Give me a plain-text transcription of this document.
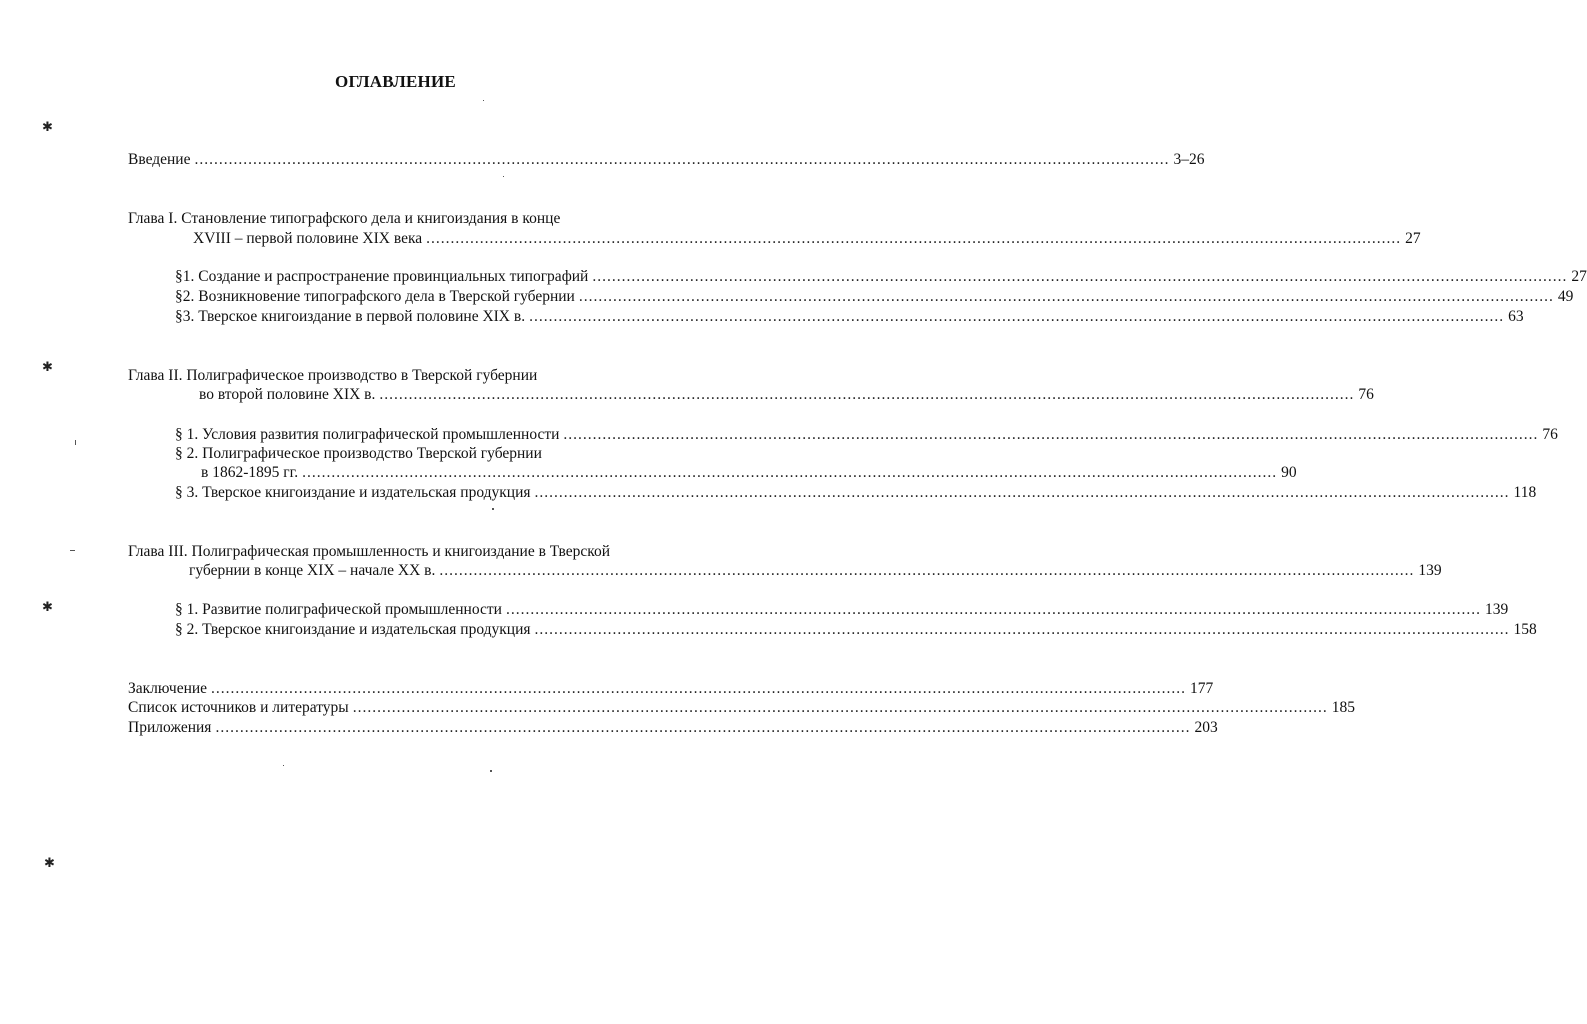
ОГЛАВЛЕНИЕ
Введение ........................................................................................................................................................................................................ 3–26
Глава I. Становление типографского дела и книгоиздания в конце
XVIII – первой половине XIX века ........................................................................................................................................................................................................ 27
§1. Создание и распространение провинциальных типографий ........................................................................................................................................................................................................ 27
§2. Возникновение типографского дела в Тверской губернии ........................................................................................................................................................................................................ 49
§3. Тверское книгоиздание в первой половине XIX в. ........................................................................................................................................................................................................ 63
Глава II. Полиграфическое производство в Тверской губернии
во второй половине XIX в. ........................................................................................................................................................................................................ 76
§ 1. Условия развития полиграфической промышленности ........................................................................................................................................................................................................ 76
§ 2. Полиграфическое производство Тверской губернии
в 1862-1895 гг. ........................................................................................................................................................................................................ 90
§ 3. Тверское книгоиздание и издательская продукция ........................................................................................................................................................................................................ 118
Глава III. Полиграфическая промышленность и книгоиздание в Тверской
губернии в конце XIX – начале XX в. ........................................................................................................................................................................................................ 139
§ 1. Развитие полиграфической промышленности ........................................................................................................................................................................................................ 139
§ 2. Тверское книгоиздание и издательская продукция ........................................................................................................................................................................................................ 158
Заключение ........................................................................................................................................................................................................ 177
Список источников и литературы ........................................................................................................................................................................................................ 185
Приложения ........................................................................................................................................................................................................ 203
✱
✱
✱
✱
